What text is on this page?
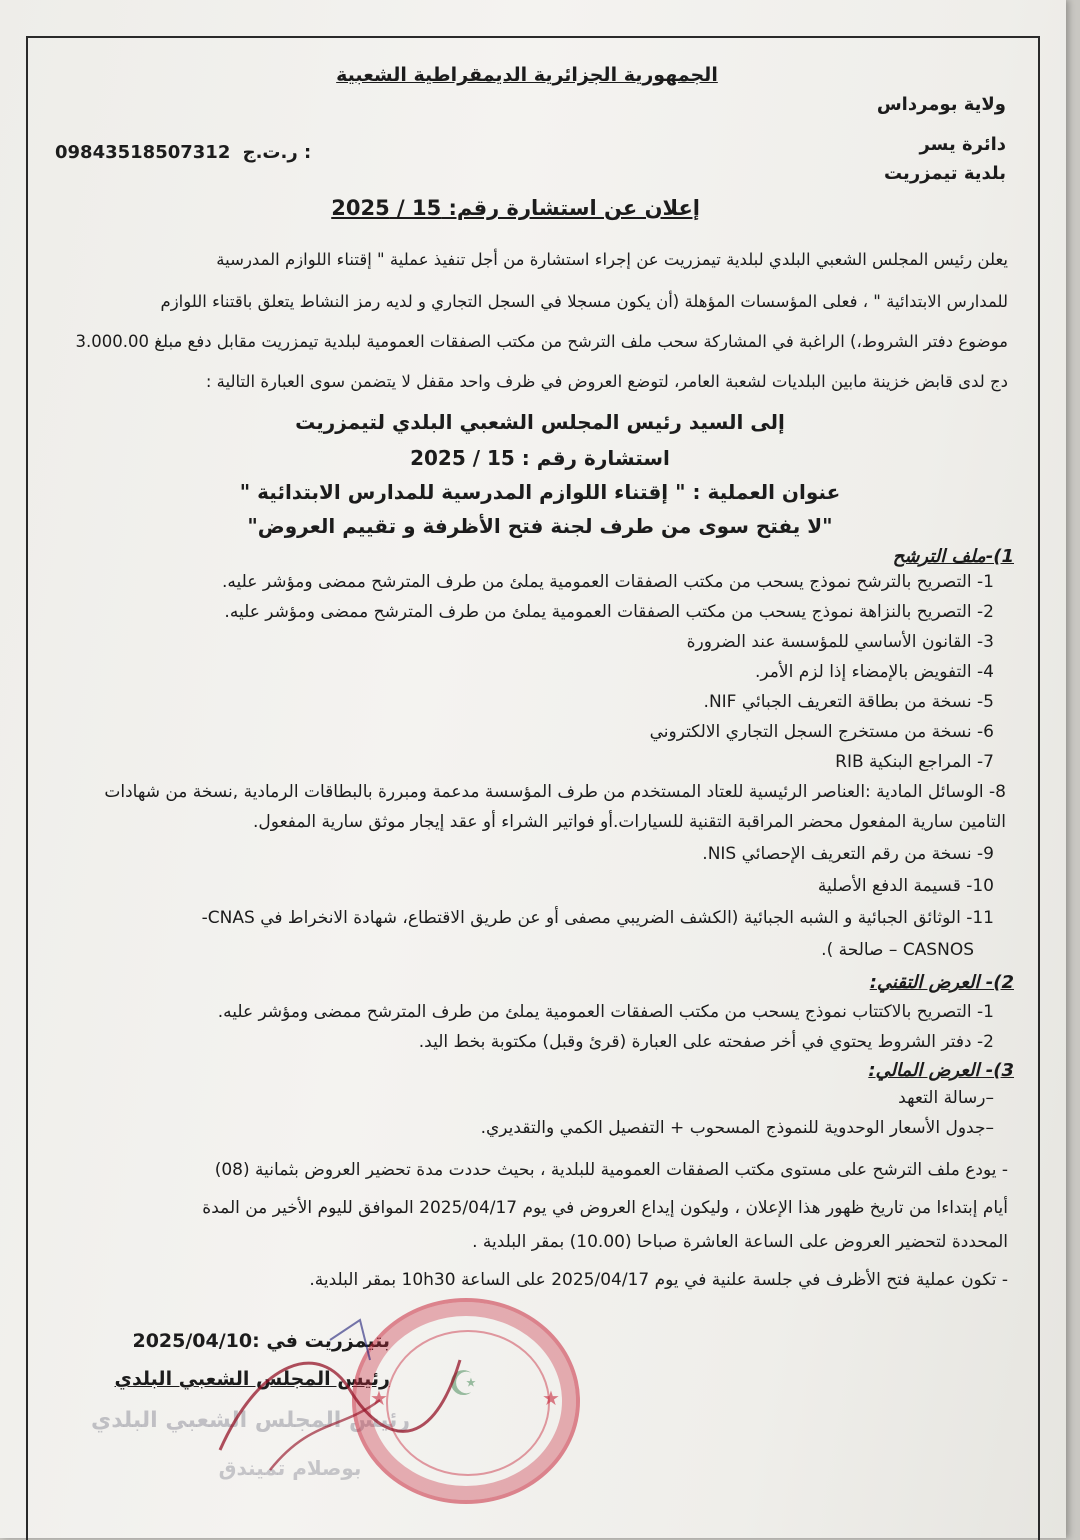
الجمهورية الجزائرية الديمقراطية الشعبية
ولاية بومرداس
دائرة يسر
بلدية تيمزريت
09843518507312 ر.ت.ج :
إعلان عن استشارة رقم: 15 / 2025
يعلن رئيس المجلس الشعبي البلدي لبلدية تيمزريت عن إجراء استشارة من أجل تنفيذ عملية " إقتناء اللوازم المدرسية
للمدارس الابتدائية " ، فعلى المؤسسات المؤهلة (أن يكون مسجلا في السجل التجاري و لديه رمز النشاط يتعلق باقتناء اللوازم
موضوع دفتر الشروط،) الراغبة في المشاركة سحب ملف الترشح من مكتب الصفقات العمومية لبلدية تيمزريت مقابل دفع مبلغ 3.000.00
دج لدى قابض خزينة مابين البلديات لشعبة العامر، لتوضع العروض في ظرف واحد مقفل لا يتضمن سوى العبارة التالية :
إلى السيد رئيس المجلس الشعبي البلدي لتيمزريت
استشارة رقم : 15 / 2025
عنوان العملية : " إقتناء اللوازم المدرسية للمدارس الابتدائية "
"لا يفتح سوى من طرف لجنة فتح الأظرفة و تقييم العروض"
1)-ملف الترشح
1- التصريح بالترشح نموذج يسحب من مكتب الصفقات العمومية يملئ من طرف المترشح ممضى ومؤشر عليه.
2- التصريح بالنزاهة نموذج يسحب من مكتب الصفقات العمومية يملئ من طرف المترشح ممضى ومؤشر عليه.
3- القانون الأساسي للمؤسسة عند الضرورة
4- التفويض بالإمضاء إذا لزم الأمر.
5- نسخة من بطاقة التعريف الجبائي NIF.
6- نسخة من مستخرج السجل التجاري الالكتروني
7- المراجع البنكية RIB
8- الوسائل المادية :العناصر الرئيسية للعتاد المستخدم من طرف المؤسسة مدعمة ومبررة بالبطاقات الرمادية ,نسخة من شهادات
التامين سارية المفعول محضر المراقبة التقنية للسيارات.أو فواتير الشراء أو عقد إيجار موثق سارية المفعول.
9- نسخة من رقم التعريف الإحصائي NIS.
10- قسيمة الدفع الأصلية
11- الوثائق الجبائية و الشبه الجبائية (الكشف الضريبي مصفى أو عن طريق الاقتطاع، شهادة الانخراط في CNAS-
CASNOS – صالحة ).
2)- العرض التقني:
1- التصريح بالاكتتاب نموذج يسحب من مكتب الصفقات العمومية يملئ من طرف المترشح ممضى ومؤشر عليه.
2- دفتر الشروط يحتوي في أخر صفحته على العبارة (قرئ وقبل) مكتوبة بخط اليد.
3)- العرض المالي:
–رسالة التعهد
–جدول الأسعار الوحدوية للنموذج المسحوب + التفصيل الكمي والتقديري.
- يودع ملف الترشح على مستوى مكتب الصفقات العمومية للبلدية ، بحيث حددت مدة تحضير العروض بثمانية (08)
أيام إبتداءا من تاريخ ظهور هذا الإعلان ، وليكون إيداع العروض في يوم 2025/04/17 الموافق لليوم الأخير من المدة
المحددة لتحضير العروض على الساعة العاشرة صباحا (10.00) بمقر البلدية .
- تكون عملية فتح الأظرف في جلسة علنية في يوم 2025/04/17 على الساعة 10h30 بمقر البلدية.
بتيمزريت في :2025/04/10
رئيس المجلس الشعبي البلدي
رئيس المجلس الشعبي البلدي
بوصلام تميندق
★	★
☪
